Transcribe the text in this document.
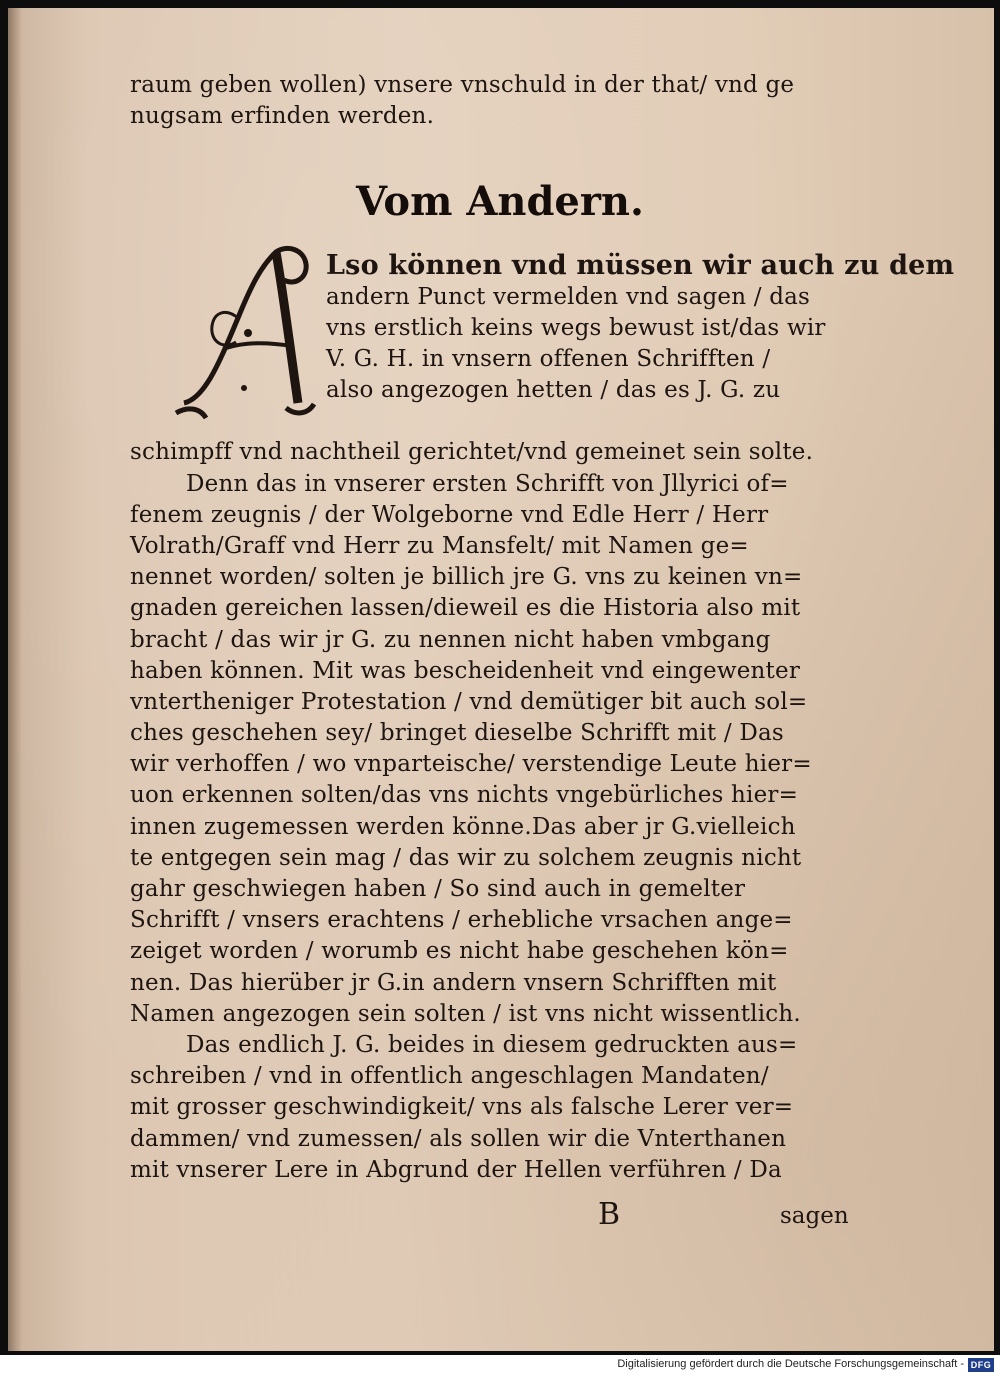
raum geben wollen) vnsere vnschuld in der that/ vnd ge
nugsam erfinden werden.
Vom Andern.
Lso können vnd müssen wir auch zu dem
andern Punct vermelden vnd sagen / das
vns erstlich keins wegs bewust ist/das wir
V. G. H. in vnsern offenen Schrifften /
also angezogen hetten / das es J. G. zu
schimpff vnd nachtheil gerichtet/vnd gemeinet sein solte.
Denn das in vnserer ersten Schrifft von Jllyrici of=
fenem zeugnis / der Wolgeborne vnd Edle Herr / Herr
Volrath/Graff vnd Herr zu Mansfelt/ mit Namen ge=
nennet worden/ solten je billich jre G. vns zu keinen vn=
gnaden gereichen lassen/dieweil es die Historia also mit
bracht / das wir jr G. zu nennen nicht haben vmbgang
haben können. Mit was bescheidenheit vnd eingewenter
vntertheniger Protestation / vnd demütiger bit auch sol=
ches geschehen sey/ bringet dieselbe Schrifft mit / Das
wir verhoffen / wo vnparteische/ verstendige Leute hier=
uon erkennen solten/das vns nichts vngebürliches hier=
innen zugemessen werden könne.Das aber jr G.vielleich
te entgegen sein mag / das wir zu solchem zeugnis nicht
gahr geschwiegen haben / So sind auch in gemelter
Schrifft / vnsers erachtens / erhebliche vrsachen ange=
zeiget worden / worumb es nicht habe geschehen kön=
nen. Das hierüber jr G.in andern vnsern Schrifften mit
Namen angezogen sein solten / ist vns nicht wissentlich.
Das endlich J. G. beides in diesem gedruckten aus=
schreiben / vnd in offentlich angeschlagen Mandaten/
mit grosser geschwindigkeit/ vns als falsche Lerer ver=
dammen/ vnd zumessen/ als sollen wir die Vnterthanen
mit vnserer Lere in Abgrund der Hellen verführen / Da
B	sagen
Digitalisierung gefördert durch die Deutsche Forschungsgemeinschaft - DFG
